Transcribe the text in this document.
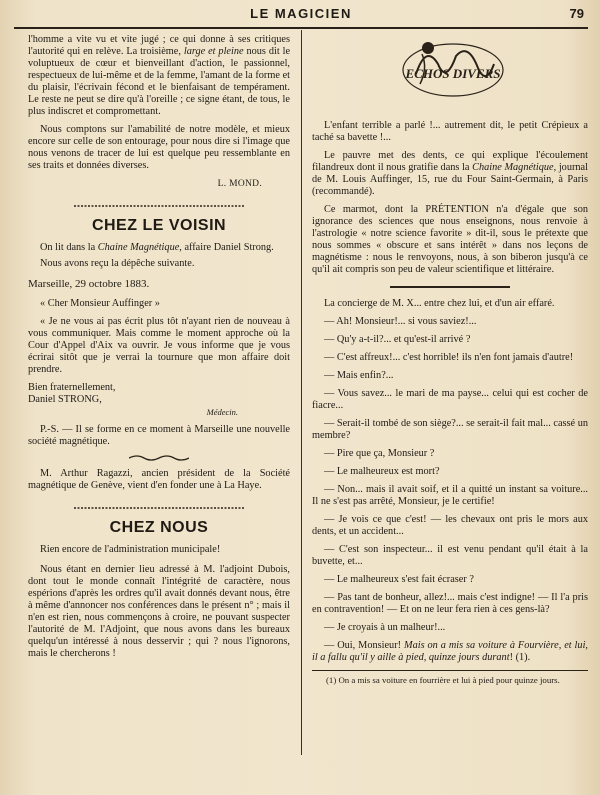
LE MAGICIEN	79

l'homme a vite vu et vite jugé ; ce qui donne à ses critiques l'autorité qui en relève. La troisième, large et pleine nous dit le voluptueux de cœur et bienveillant d'action, le passionnel, respectueux de lui-même et de la femme, l'amant de la forme et du plaisir, l'écrivain fécond et le bienfaisant de tempérament. Le reste ne peut se dire qu'à l'oreille ; ce signe étant, de tous, le plus indiscret et compromettant.

Nous comptons sur l'amabilité de notre modèle, et mieux encore sur celle de son entourage, pour nous dire si l'image que nous venons de tracer de lui est quelque peu ressemblante en ses traits et données diverses.

L. MOND.
CHEZ LE VOISIN

On lit dans la Chaine Magnétique, affaire Daniel Strong.

Nous avons reçu la dépêche suivante.

Marseille, 29 octobre 1883.

« Cher Monsieur Auffinger »

« Je ne vous ai pas écrit plus tôt n'ayant rien de nouveau à vous communiquer. Mais comme le moment approche où la Cour d'Appel d'Aix va ouvrir. Je vous informe que je vous écrirai sitôt que je verrai la tournure que mon affaire doit prendre.

Bien fraternellement,

Daniel STRONG,

Médecin.

P.-S. — Il se forme en ce moment à Marseille une nouvelle société magnétique.

M. Arthur Ragazzi, ancien président de la Société magnétique de Genève, vient d'en fonder une à La Haye.

CHEZ NOUS

Rien encore de l'administration municipale!

Nous étant en dernier lieu adressé à M. l'adjoint Dubois, dont tout le monde connaît l'intégrité de caractère, nous espérions d'après les ordres qu'il avait donnés devant nous, être à même d'annoncer nos conférences dans le présent n° ; mais il n'en est rien, nous commençons à croire, ne pouvant suspecter l'autorité de M. l'Adjoint, que nous avons dans les bureaux quelqu'un intéressé à nous desservir ; qui ? nous l'ignorons, mais le chercherons !

ECHOS DIVERS

L'enfant terrible a parlé !... autrement dit, le petit Crépieux a taché sa bavette !...

Le pauvre met des dents, ce qui explique l'écoulement filandreux dont il nous gratifie dans la Chaine Magnétique, journal de M. Louis Auffinger, 15, rue du Four Saint-Germain, à Paris (recommandé).

Ce marmot, dont la PRÉTENTION n'a d'égale que son ignorance des sciences que nous enseignons, nous renvoie à l'astrologie « notre science favorite » dit-il, sous le prétexte que nous sommes « obscure et sans intérêt » dans nos leçons de magnétisme : nous le renvoyons, nous, à son biberon jusqu'à ce qu'il ait compris son peu de valeur scientifique et littéraire.

La concierge de M. X... entre chez lui, et d'un air effaré.

— Ah! Monsieur!... si vous saviez!...

— Qu'y a-t-il?... et qu'est-il arrivé ?

— C'est affreux!... c'est horrible! ils n'en font jamais d'autre!

— Mais enfin?...

— Vous savez... le mari de ma payse... celui qui est cocher de fiacre...

— Serait-il tombé de son siège?... se serait-il fait mal... cassé un membre?

— Pire que ça, Monsieur ?

— Le malheureux est mort?

— Non... mais il avait soif, et il a quitté un instant sa voiture... Il ne s'est pas arrêté, Monsieur, je le certifie!

— Je vois ce que c'est! — les chevaux ont pris le mors aux dents, et un accident...

— C'est son inspecteur... il est venu pendant qu'il était à la buvette, et...

— Le malheureux s'est fait écraser ?

— Pas tant de bonheur, allez!... mais c'est indigne! — Il l'a pris en contravention! — Et on ne leur fera rien à ces gens-là?

— Je croyais à un malheur!...

— Oui, Monsieur! Mais on a mis sa voiture à Fourvière, et lui, il a fallu qu'il y aille à pied, quinze jours durant! (1).

(1) On a mis sa voiture en fourrière et lui à pied pour quinze jours.
